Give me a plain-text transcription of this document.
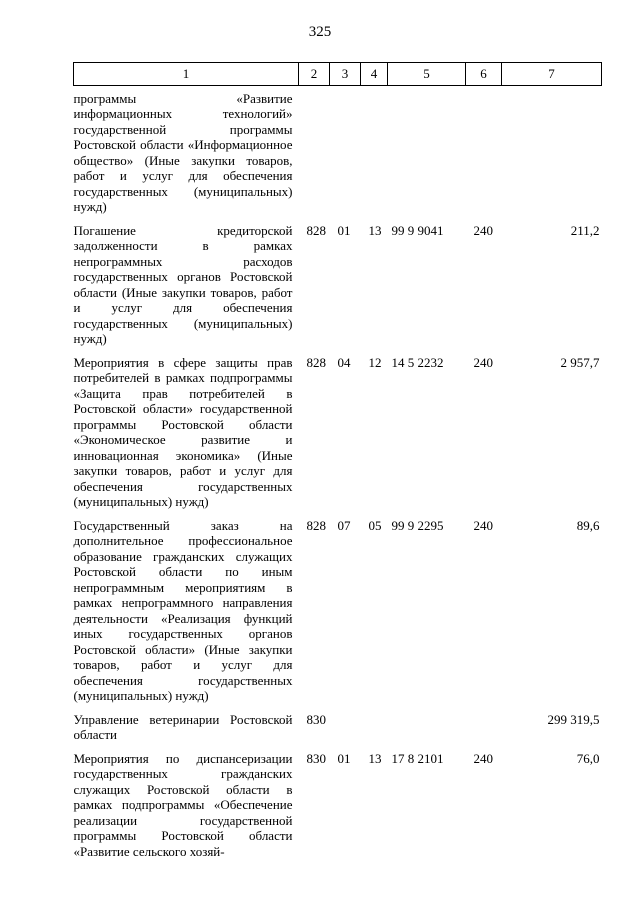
325
1	2	3	4	5	6	7

программы «Развитие информационных технологий» государственной программы Ростовской области «Информационное общество» (Иные закупки товаров, работ и услуг для обеспечения государственных (муниципальных) нужд)						
Погашение кредиторской задолженности в рамках непрограммных расходов государственных органов Ростовской области (Иные закупки товаров, работ и услуг для обеспечения государственных (муниципальных) нужд)	828	01	13	99 9 9041	240	211,2
Мероприятия в сфере защиты прав потребителей в рамках подпрограммы «Защита прав потребителей в Ростовской области» государственной программы Ростовской области «Экономическое развитие и инновационная экономика» (Иные закупки товаров, работ и услуг для обеспечения государственных (муниципальных) нужд)	828	04	12	14 5 2232	240	2 957,7
Государственный заказ на дополнительное профессиональное образование гражданских служащих Ростовской области по иным непрограммным мероприятиям в рамках непрограммного направления деятельности «Реализация функций иных государственных органов Ростовской области» (Иные закупки товаров, работ и услуг для обеспечения государственных (муниципальных) нужд)	828	07	05	99 9 2295	240	89,6
Управление ветеринарии Ростовской области	830					299 319,5
Мероприятия по диспансеризации государственных гражданских служащих Ростовской области в рамках подпрограммы «Обеспечение реализации государственной программы Ростовской области «Развитие сельского хозяй-	830	01	13	17 8 2101	240	76,0
